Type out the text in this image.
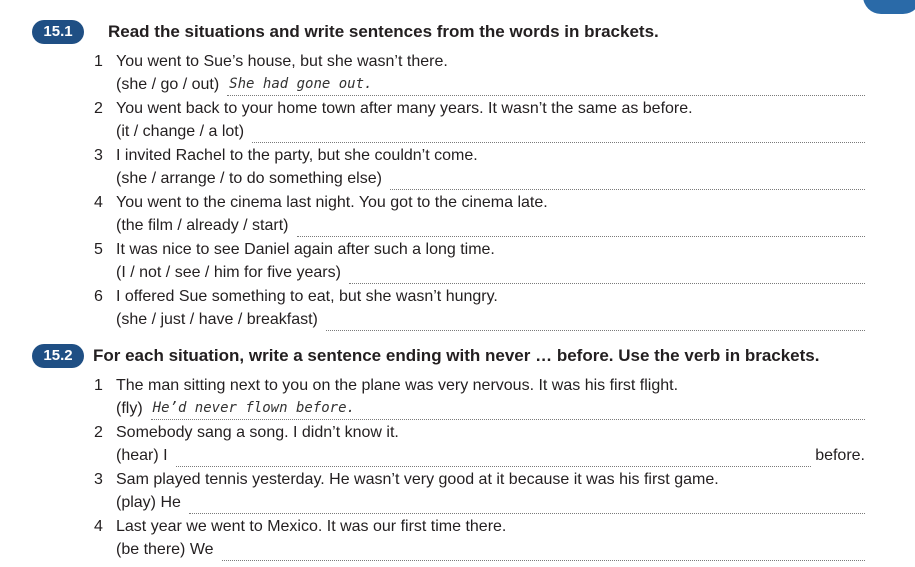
15.1	Read the situations and write sentences from the words in brackets.
1 You went to Sue’s house, but she wasn’t there.
(she / go / out) She had gone out.
2 You went back to your home town after many years. It wasn’t the same as before.
(it / change / a lot)
3 I invited Rachel to the party, but she couldn’t come.
(she / arrange / to do something else)
4 You went to the cinema last night. You got to the cinema late.
(the film / already / start)
5 It was nice to see Daniel again after such a long time.
(I / not / see / him for five years)
6 I offered Sue something to eat, but she wasn’t hungry.
(she / just / have / breakfast)
15.2	For each situation, write a sentence ending with never … before. Use the verb in brackets.
1 The man sitting next to you on the plane was very nervous. It was his first flight.
(fly) He’d never flown before.
2 Somebody sang a song. I didn’t know it.
(hear) I	before.
3 Sam played tennis yesterday. He wasn’t very good at it because it was his first game.
(play) He
4 Last year we went to Mexico. It was our first time there.
(be there) We
